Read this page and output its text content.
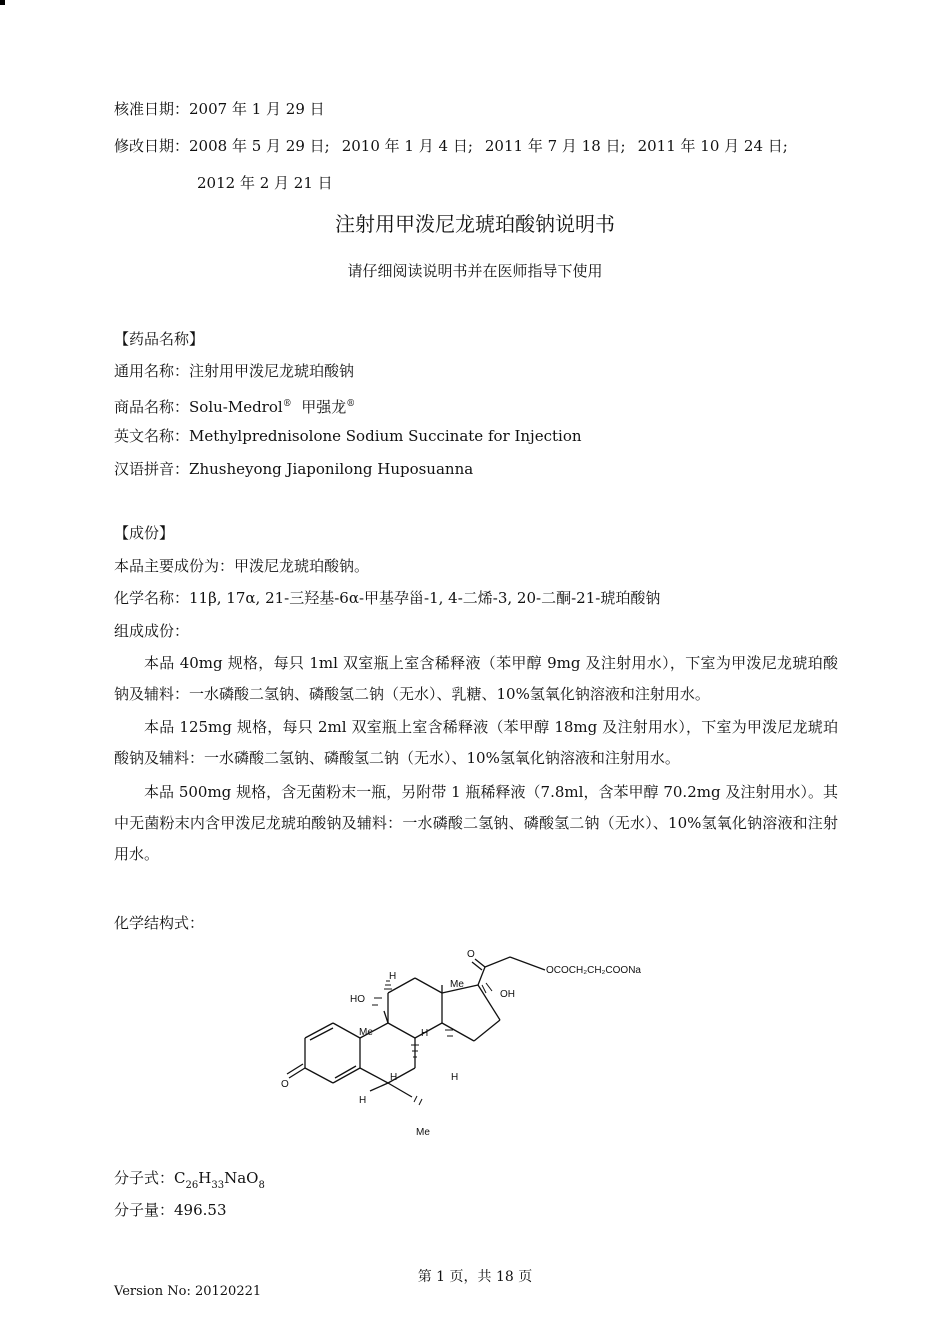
核准日期：2007 年 1 月 29 日
修改日期：2008 年 5 月 29 日; 2010 年 1 月 4 日; 2011 年 7 月 18 日; 2011 年 10 月 24 日;
2012 年 2 月 21 日
注射用甲泼尼龙琥珀酸钠说明书
请仔细阅读说明书并在医师指导下使用
【药品名称】
通用名称：注射用甲泼尼龙琥珀酸钠
商品名称：Solu-Medrol® 甲强龙®
英文名称：Methylprednisolone Sodium Succinate for Injection
汉语拼音：Zhusheyong Jiaponilong Huposuanna
【成份】
本品主要成份为：甲泼尼龙琥珀酸钠。
化学名称：11β, 17α, 21-三羟基-6α-甲基孕甾-1, 4-二烯-3, 20-二酮-21-琥珀酸钠
组成成份：
本品 40mg 规格，每只 1ml 双室瓶上室含稀释液（苯甲醇 9mg 及注射用水），下室为甲泼尼龙琥珀酸钠及辅料：一水磷酸二氢钠、磷酸氢二钠（无水）、乳糖、10%氢氧化钠溶液和注射用水。
本品 125mg 规格，每只 2ml 双室瓶上室含稀释液（苯甲醇 18mg 及注射用水），下室为甲泼尼龙琥珀酸钠及辅料：一水磷酸二氢钠、磷酸氢二钠（无水）、10%氢氧化钠溶液和注射用水。
本品 500mg 规格，含无菌粉末一瓶，另附带 1 瓶稀释液（7.8ml，含苯甲醇 70.2mg 及注射用水）。其中无菌粉末内含甲泼尼龙琥珀酸钠及辅料：一水磷酸二氢钠、磷酸氢二钠（无水）、10%氢氧化钠溶液和注射用水。
化学结构式：
O
O
OCOCH₂CH₂COONa
OH
HO
Me
Me
Me
H
H
H	H
H
分子式：$C_{26}H_{33}NaO_8$
分子量：496.53
第 1 页，共 18 页
Version No: 20120221
